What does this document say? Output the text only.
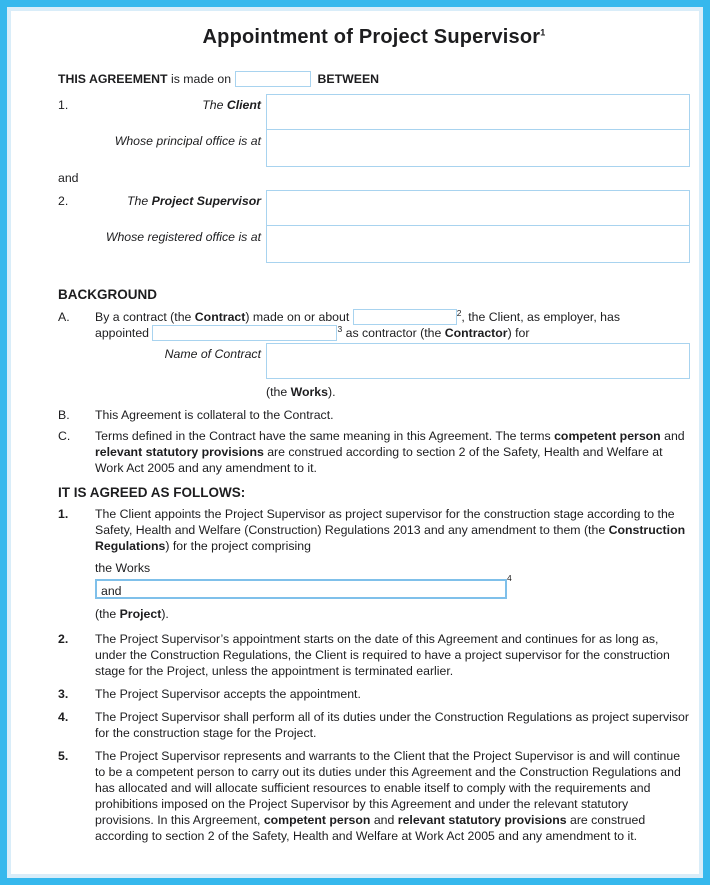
Appointment of Project Supervisor$^1$
THIS AGREEMENT is made on	BETWEEN
1.	The Client
Whose principal office is at
and
2.	The Project Supervisor
Whose registered office is at
BACKGROUND
A.	By a contract (the Contract) made on or about	$^2$, the Client, as employer, has
appointed	$^3$ as contractor (the Contractor) for
Name of Contract
(the Works).
B.	This Agreement is collateral to the Contract.
C.	Terms defined in the Contract have the same meaning in this Agreement. The terms competent person and relevant statutory provisions are construed according to section 2 of the Safety, Health and Welfare at Work Act 2005 and any amendment to it.
IT IS AGREED AS FOLLOWS:
1.	The Client appoints the Project Supervisor as project supervisor for the construction stage according to the Safety, Health and Welfare (Construction) Regulations 2013 and any amendment to them (the Construction Regulations) for the project comprising
the Works
and$^4$
(the Project).
2.	The Project Supervisor’s appointment starts on the date of this Agreement and continues for as long as, under the Construction Regulations, the Client is required to have a project supervisor for the construction stage for the Project, unless the appointment is terminated earlier.
3.	The Project Supervisor accepts the appointment.
4.	The Project Supervisor shall perform all of its duties under the Construction Regulations as project supervisor for the construction stage for the Project.
5.	The Project Supervisor represents and warrants to the Client that the Project Supervisor is and will continue to be a competent person to carry out its duties under this Agreement and the Construction Regulations and has allocated and will allocate sufficient resources to enable itself to comply with the requirements and prohibitions imposed on the Project Supervisor by this Agreement and under the relevant statutory provisions. In this Argreement, competent person and relevant statutory provisions are construed according to section 2 of the Safety, Health and Welfare at Work Act 2005 and any amendment to it.
